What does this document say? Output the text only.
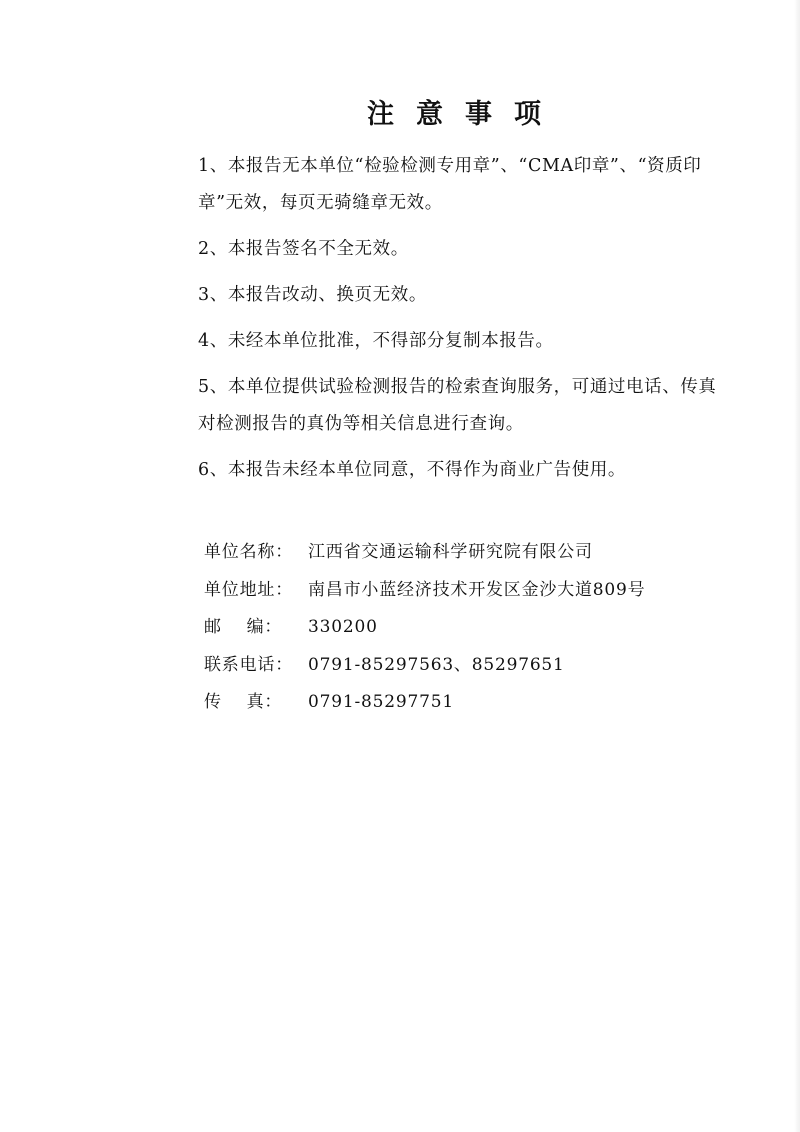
注意事项

1、本报告无本单位“检验检测专用章”、“CMA印章”、“资质印章”无效，每页无骑缝章无效。

2、本报告签名不全无效。

3、本报告改动、换页无效。

4、未经本单位批准，不得部分复制本报告。

5、本单位提供试验检测报告的检索查询服务，可通过电话、传真对检测报告的真伪等相关信息进行查询。

6、本报告未经本单位同意，不得作为商业广告使用。

单位名称： 江西省交通运输科学研究院有限公司
单位地址： 南昌市小蓝经济技术开发区金沙大道809号
邮    编： 330200
联系电话： 0791-85297563、85297651
传    真： 0791-85297751
